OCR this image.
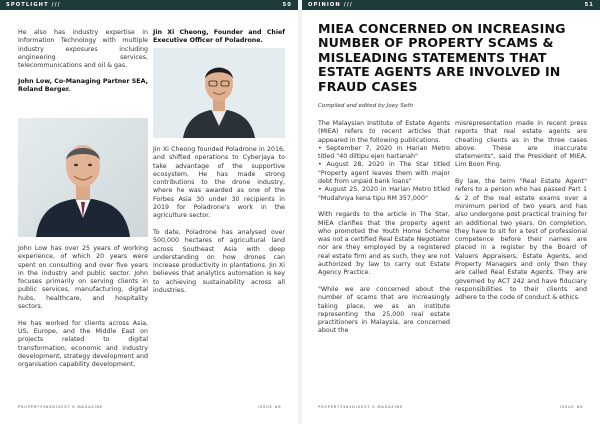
SPOTLIGHT ///	50

He also has industry expertise in Information Technology with multiple industry exposures including engineering services, telecommunications and oil & gas.

John Low, Co-Managing Partner SEA, Roland Berger.

John Low has over 25 years of working experience, of which 20 years were spent on consulting and over five years in the industry and public sector. John focuses primarily on serving clients in public services, manufacturing, digital hubs, healthcare, and hospitality sectors.

He has worked for clients across Asia, US, Europe, and the Middle East on projects related to digital transformation, economic and industry development, strategy development and organisation capability development.

Jin Xi Cheong, Founder and Chief Executive Officer of Poladrone.

Jin Xi Cheong founded Poladrone in 2016, and shifted operations to Cyberjaya to take advantage of the supportive ecosystem. He has made strong contributions to the drone industry, where he was awarded as one of the Forbes Asia 30 under 30 recipients in 2019 for Poladrone's work in the agriculture sector.

To date, Poladrone has analysed over 500,000 hectares of agricultural land across Southeast Asia with deep understanding on how drones can increase productivity in plantations. Jin Xi believes that analytics automation is key to achieving sustainability across all industries.

PROPERTY360DIGEST E-MAGAZINE	ISSUE #6
OPINION ///	51
MIEA CONCERNED ON INCREASING NUMBER OF PROPERTY SCAMS & MISLEADING STATEMENTS THAT ESTATE AGENTS ARE INVOLVED IN FRAUD CASES
Compiled and edited by Joey Seth

The Malaysian Institute of Estate Agents (MIEA) refers to recent articles that appeared in the following publications.

• September 7, 2020 in Harian Metro titled "40 diltipu ejen hartanah"
• August 28, 2020 in The Star titled "Property agent leaves them with major debt from unpaid bank loans"
• August 25, 2020 in Harian Metro titled "Mudahnya kena tipu RM 357,000"

With regards to the article in The Star, MIEA clarifies that the property agent who promoted the Youth Home Scheme was not a certified Real Estate Negotiator nor are they employed by a registered real estate firm and as such, they are not authorized by law to carry out Estate Agency Practice.

"While we are concerned about the number of scams that are increasingly taking place, we as an institute representing the 25,000 real estate practitioners in Malaysia, are concerned about the

misrepresentation made in recent press reports that real estate agents are cheating clients as in the three cases above. These are inaccurate statements", said the President of MIEA, Lim Boon Ping.

By law, the term "Real Estate Agent" refers to a person who has passed Part 1 & 2 of the real estate exams over a minimum period of two years and has also undergone post practical training for an additional two years. On completion, they have to sit for a test of professional competence before their names are placed in a register by the Board of Valuers Appraisers, Estate Agents, and Property Managers and only then they are called Real Estate Agents. They are governed by ACT 242 and have fiduciary responsibilities to their clients and adhere to the code of conduct & ethics.

PROPERTY360DIGEST E-MAGAZINE	ISSUE #6
